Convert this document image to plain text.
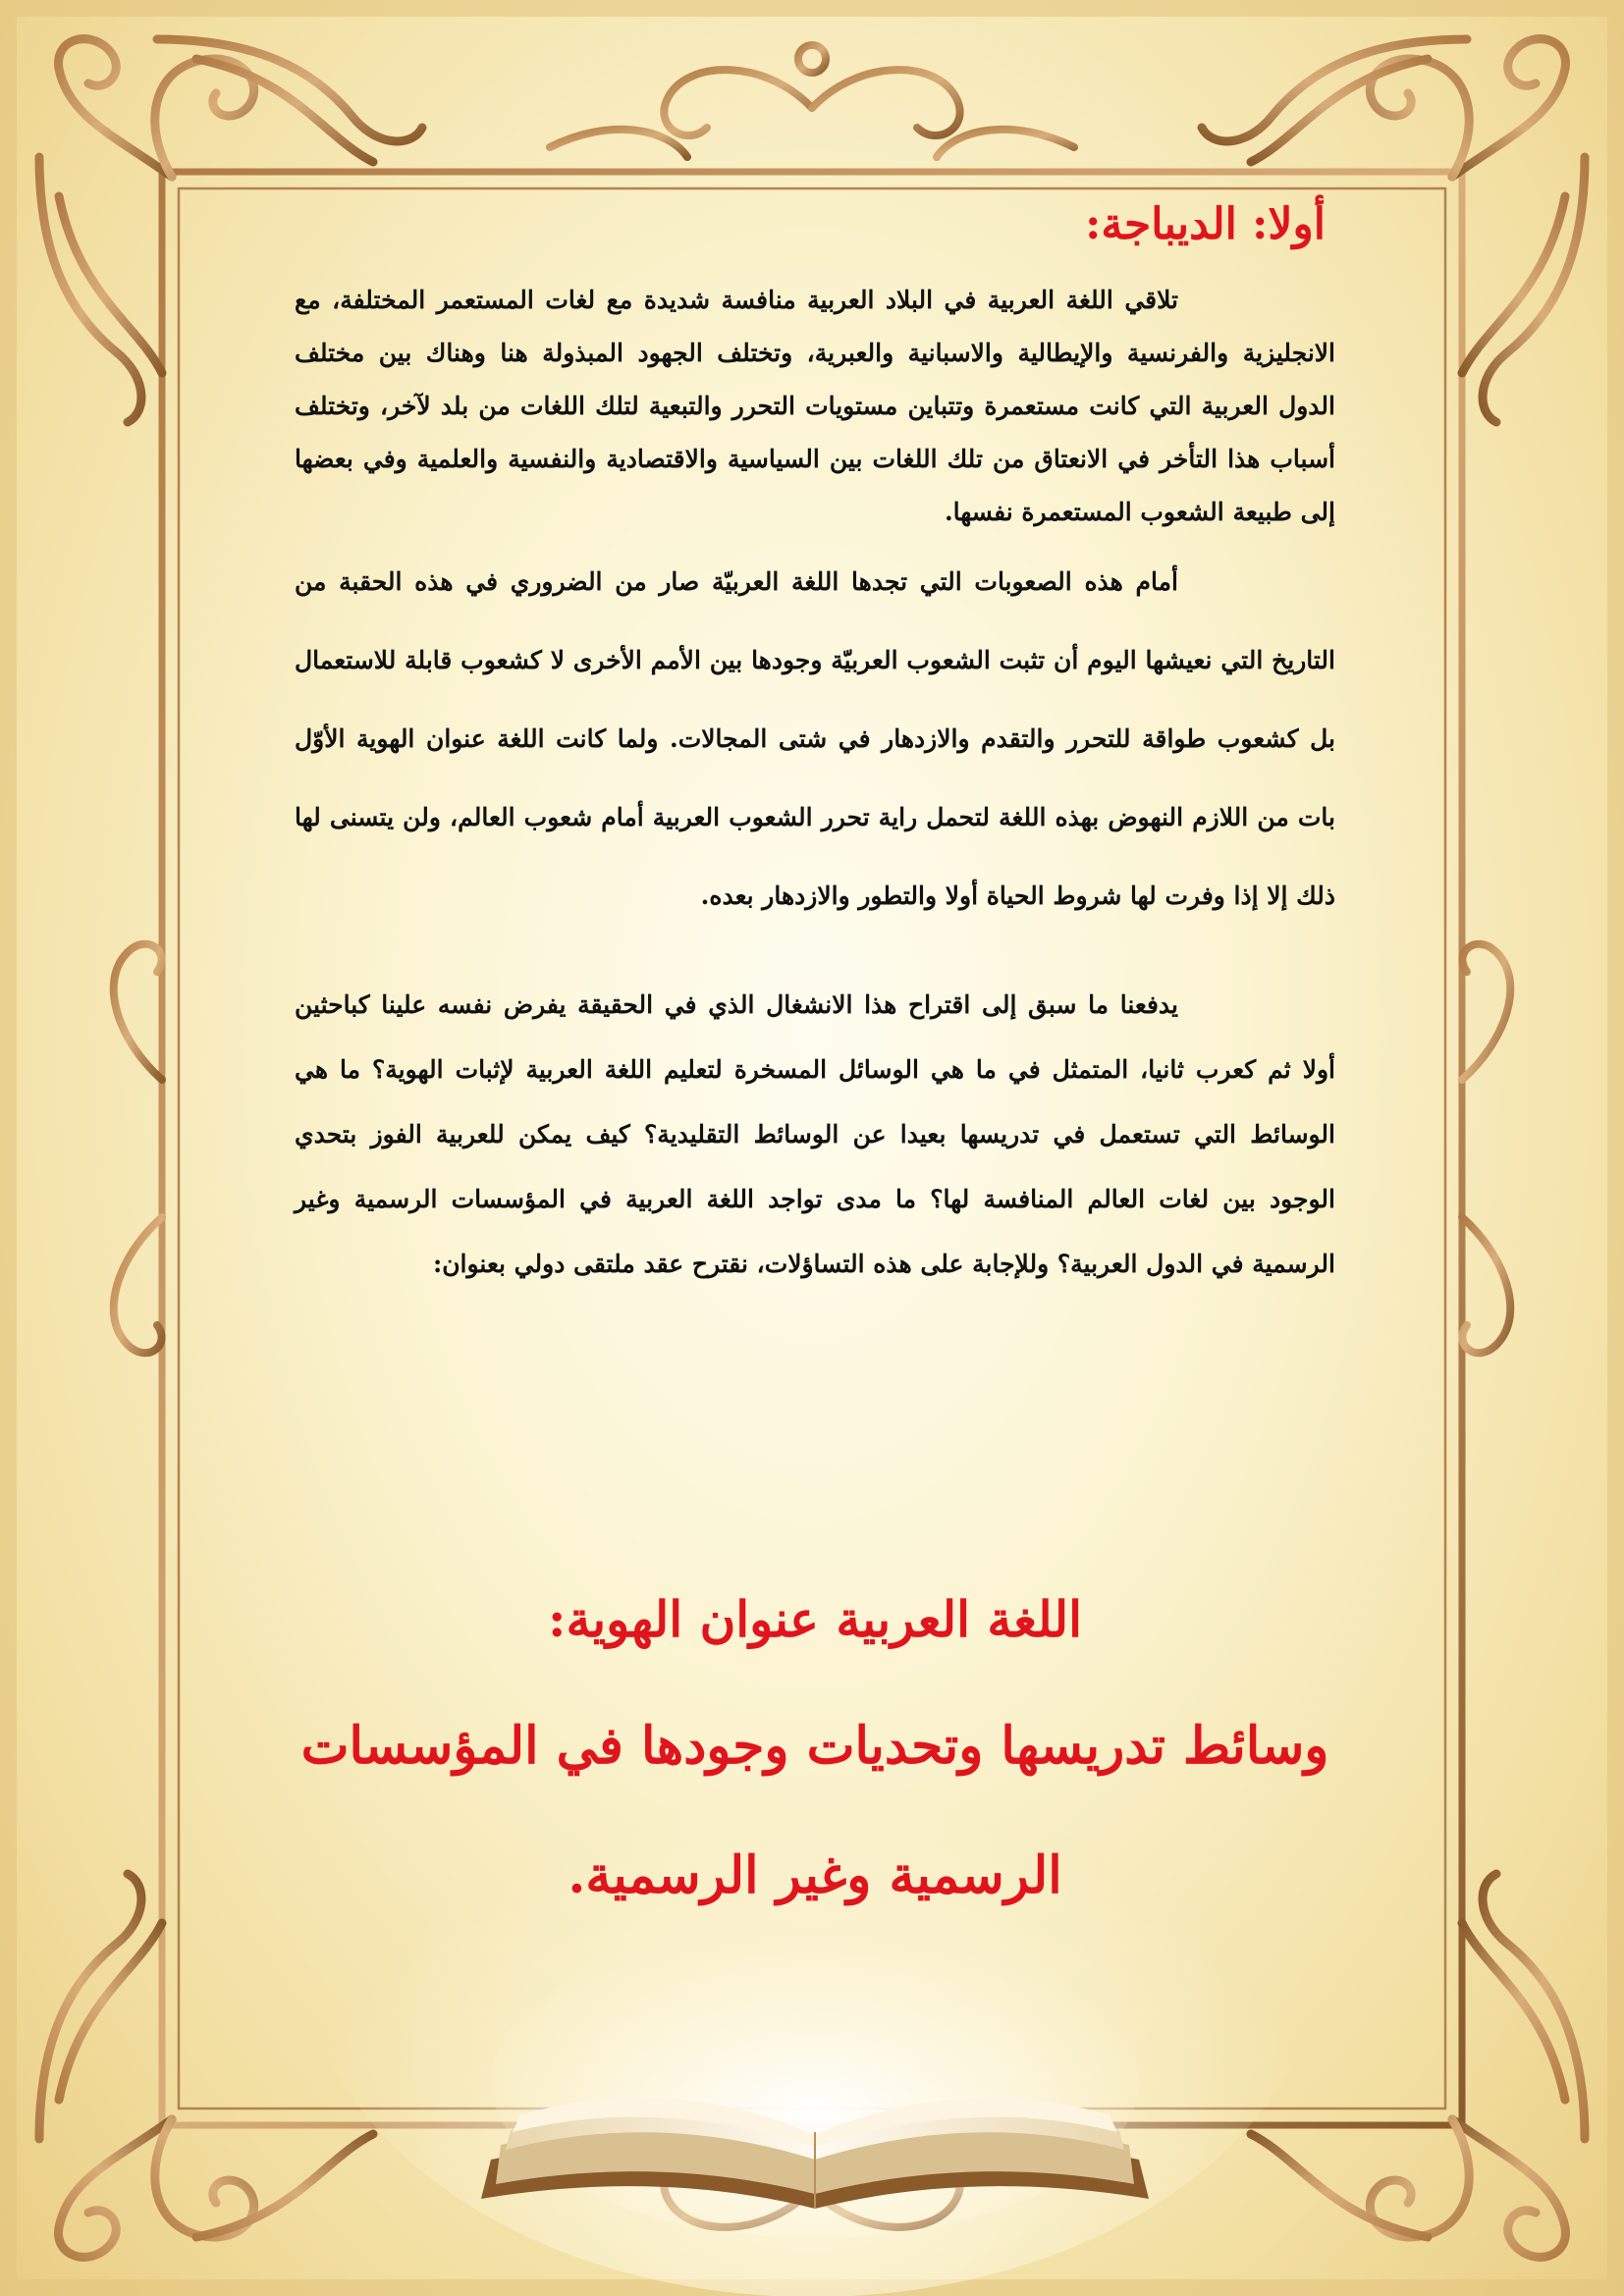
أولا: الديباجة:

تلاقي اللغة العربية في البلاد العربية منافسة شديدة مع لغات المستعمر المختلفة، مع الانجليزية والفرنسية والإيطالية والاسبانية والعبرية، وتختلف الجهود المبذولة هنا وهناك بين مختلف الدول العربية التي كانت مستعمرة وتتباين مستويات التحرر والتبعية لتلك اللغات من بلد لآخر، وتختلف أسباب هذا التأخر في الانعتاق من تلك اللغات بين السياسية والاقتصادية والنفسية والعلمية وفي بعضها إلى طبيعة الشعوب المستعمرة نفسها.

أمام هذه الصعوبات التي تجدها اللغة العربيّة صار من الضروري في هذه الحقبة من التاريخ التي نعيشها اليوم أن تثبت الشعوب العربيّة وجودها بين الأمم الأخرى لا كشعوب قابلة للاستعمال بل كشعوب طواقة للتحرر والتقدم والازدهار في شتى المجالات. ولما كانت اللغة عنوان الهوية الأوّل بات من اللازم النهوض بهذه اللغة لتحمل راية تحرر الشعوب العربية أمام شعوب العالم، ولن يتسنى لها ذلك إلا إذا وفرت لها شروط الحياة أولا والتطور والازدهار بعده.

يدفعنا ما سبق إلى اقتراح هذا الانشغال الذي في الحقيقة يفرض نفسه علينا كباحثين أولا ثم كعرب ثانيا، المتمثل في ما هي الوسائل المسخرة لتعليم اللغة العربية لإثبات الهوية؟ ما هي الوسائط التي تستعمل في تدريسها بعيدا عن الوسائط التقليدية؟ كيف يمكن للعربية الفوز بتحدي الوجود بين لغات العالم المنافسة لها؟ ما مدى تواجد اللغة العربية في المؤسسات الرسمية وغير الرسمية في الدول العربية؟ وللإجابة على هذه التساؤلات، نقترح عقد ملتقى دولي بعنوان:

اللغة العربية عنوان الهوية:
وسائط تدريسها وتحديات وجودها في المؤسسات
الرسمية وغير الرسمية.
